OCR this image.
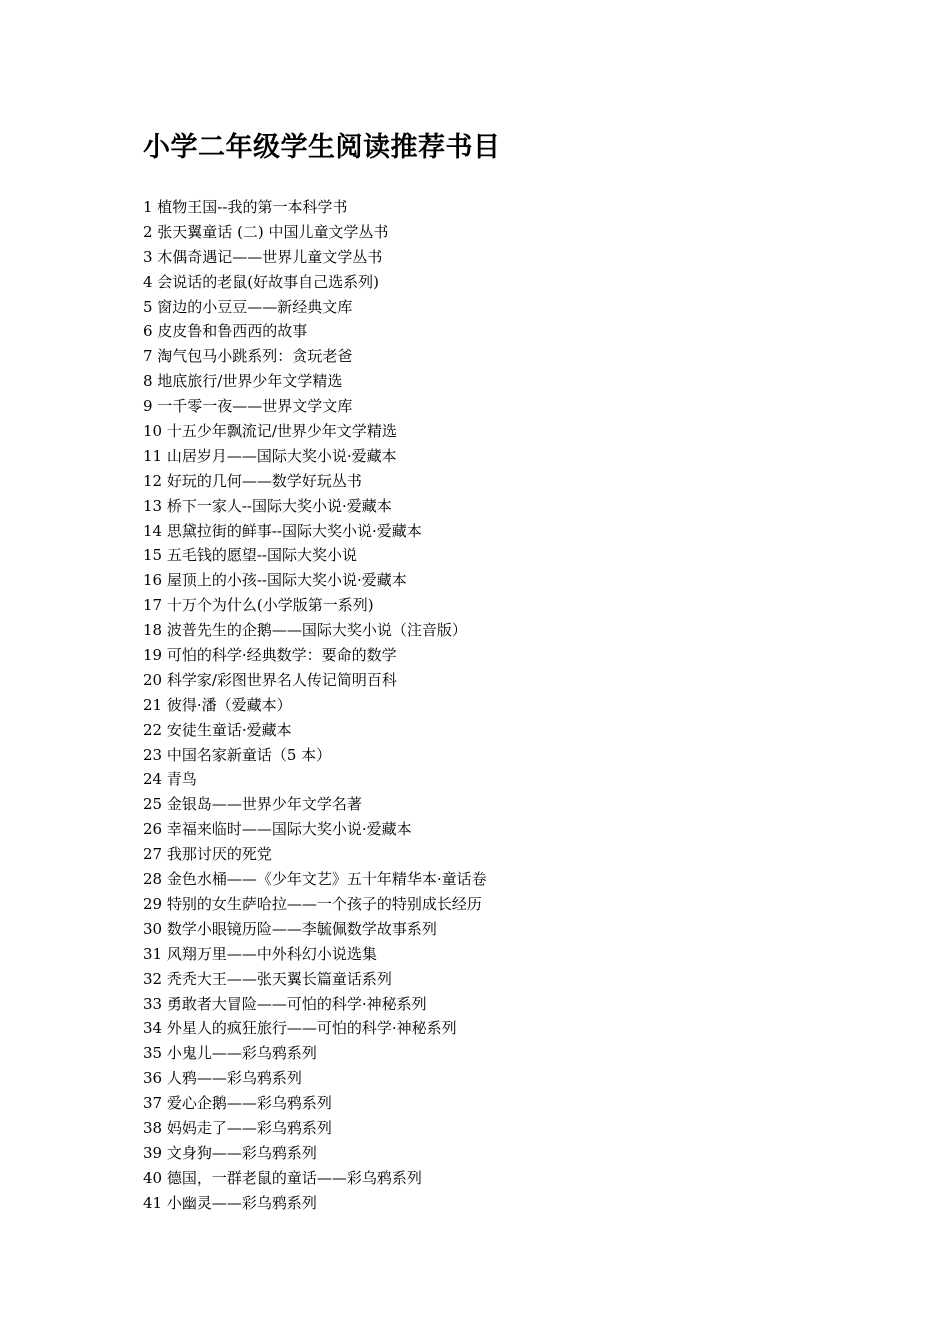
小学二年级学生阅读推荐书目
1 植物王国--我的第一本科学书
2 张天翼童话 (二) 中国儿童文学丛书
3 木偶奇遇记——世界儿童文学丛书
4 会说话的老鼠(好故事自己选系列)
5 窗边的小豆豆——新经典文库
6 皮皮鲁和鲁西西的故事
7 淘气包马小跳系列：贪玩老爸
8 地底旅行/世界少年文学精选
9 一千零一夜——世界文学文库
10 十五少年飘流记/世界少年文学精选
11 山居岁月——国际大奖小说·爱藏本
12 好玩的几何——数学好玩丛书
13 桥下一家人--国际大奖小说·爱藏本
14 思黛拉街的鲜事--国际大奖小说·爱藏本
15 五毛钱的愿望--国际大奖小说
16 屋顶上的小孩--国际大奖小说·爱藏本
17 十万个为什么(小学版第一系列)
18 波普先生的企鹅——国际大奖小说（注音版）
19 可怕的科学·经典数学：要命的数学
20 科学家/彩图世界名人传记简明百科
21 彼得·潘（爱藏本）
22 安徒生童话·爱藏本
23 中国名家新童话（5 本）
24 青鸟
25 金银岛——世界少年文学名著
26 幸福来临时——国际大奖小说·爱藏本
27 我那讨厌的死党
28 金色水桶——《少年文艺》五十年精华本·童话卷
29 特别的女生萨哈拉——一个孩子的特别成长经历
30 数学小眼镜历险——李毓佩数学故事系列
31 风翔万里——中外科幻小说选集
32 秃秃大王——张天翼长篇童话系列
33 勇敢者大冒险——可怕的科学·神秘系列
34 外星人的疯狂旅行——可怕的科学·神秘系列
35 小鬼儿——彩乌鸦系列
36 人鸦——彩乌鸦系列
37 爱心企鹅——彩乌鸦系列
38 妈妈走了——彩乌鸦系列
39 文身狗——彩乌鸦系列
40 德国，一群老鼠的童话——彩乌鸦系列
41 小幽灵——彩乌鸦系列
